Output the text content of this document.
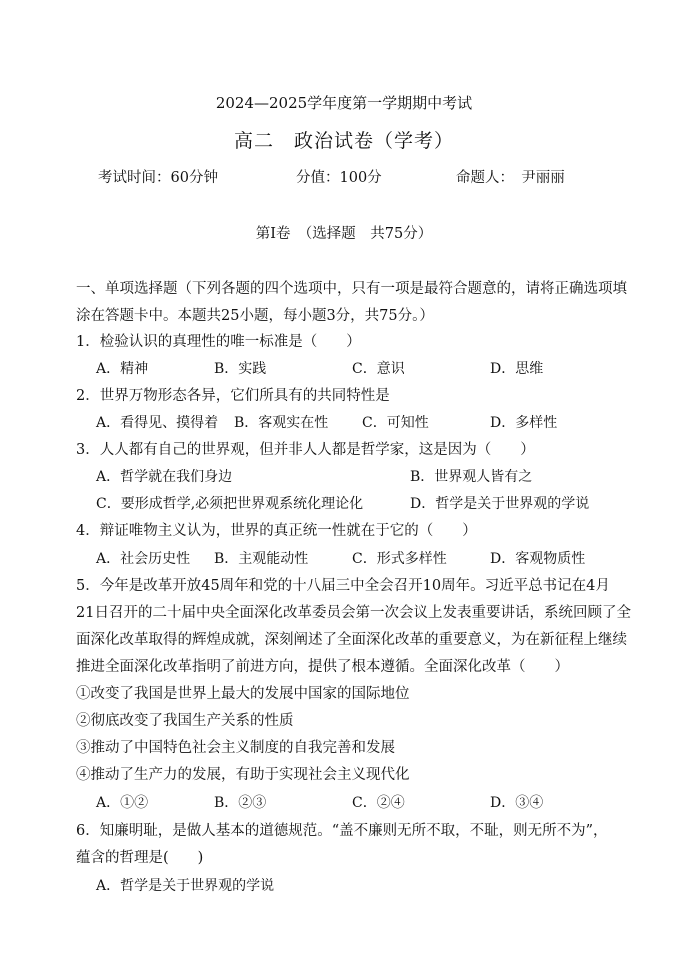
2024—2025学年度第一学期期中考试
高二　政治试卷（学考）
考试时间：60分钟	分值：100分	命题人：　尹丽丽
第Ⅰ卷　（选择题　共75分）
一、单项选择题（下列各题的四个选项中，只有一项是最符合题意的，请将正确选项填
涂在答题卡中。本题共25小题，每小题3分，共75分。）
1．检验认识的真理性的唯一标准是（　　）
A．精神	B．实践	C．意识	D．思维
2．世界万物形态各异，它们所具有的共同特性是
A．看得见、摸得着 B．客观实在性 C．可知性	D．多样性
3．人人都有自己的世界观，但并非人人都是哲学家，这是因为（　　）
A．哲学就在我们身边	B．世界观人皆有之
C．要形成哲学,必须把世界观系统化理论化	D．哲学是关于世界观的学说
4．辩证唯物主义认为，世界的真正统一性就在于它的（　　）
A．社会历史性 B．主观能动性	C．形式多样性	D．客观物质性
5．今年是改革开放45周年和党的十八届三中全会召开10周年。习近平总书记在4月
21日召开的二十届中央全面深化改革委员会第一次会议上发表重要讲话，系统回顾了全
面深化改革取得的辉煌成就，深刻阐述了全面深化改革的重要意义，为在新征程上继续
推进全面深化改革指明了前进方向，提供了根本遵循。全面深化改革（　　）
①改变了我国是世界上最大的发展中国家的国际地位
②彻底改变了我国生产关系的性质
③推动了中国特色社会主义制度的自我完善和发展
④推动了生产力的发展，有助于实现社会主义现代化
A．①②	B．②③	C．②④	D．③④
6．知廉明耻，是做人基本的道德规范。“盖不廉则无所不取，不耻，则无所不为”，
蕴含的哲理是(　　)
A．哲学是关于世界观的学说
